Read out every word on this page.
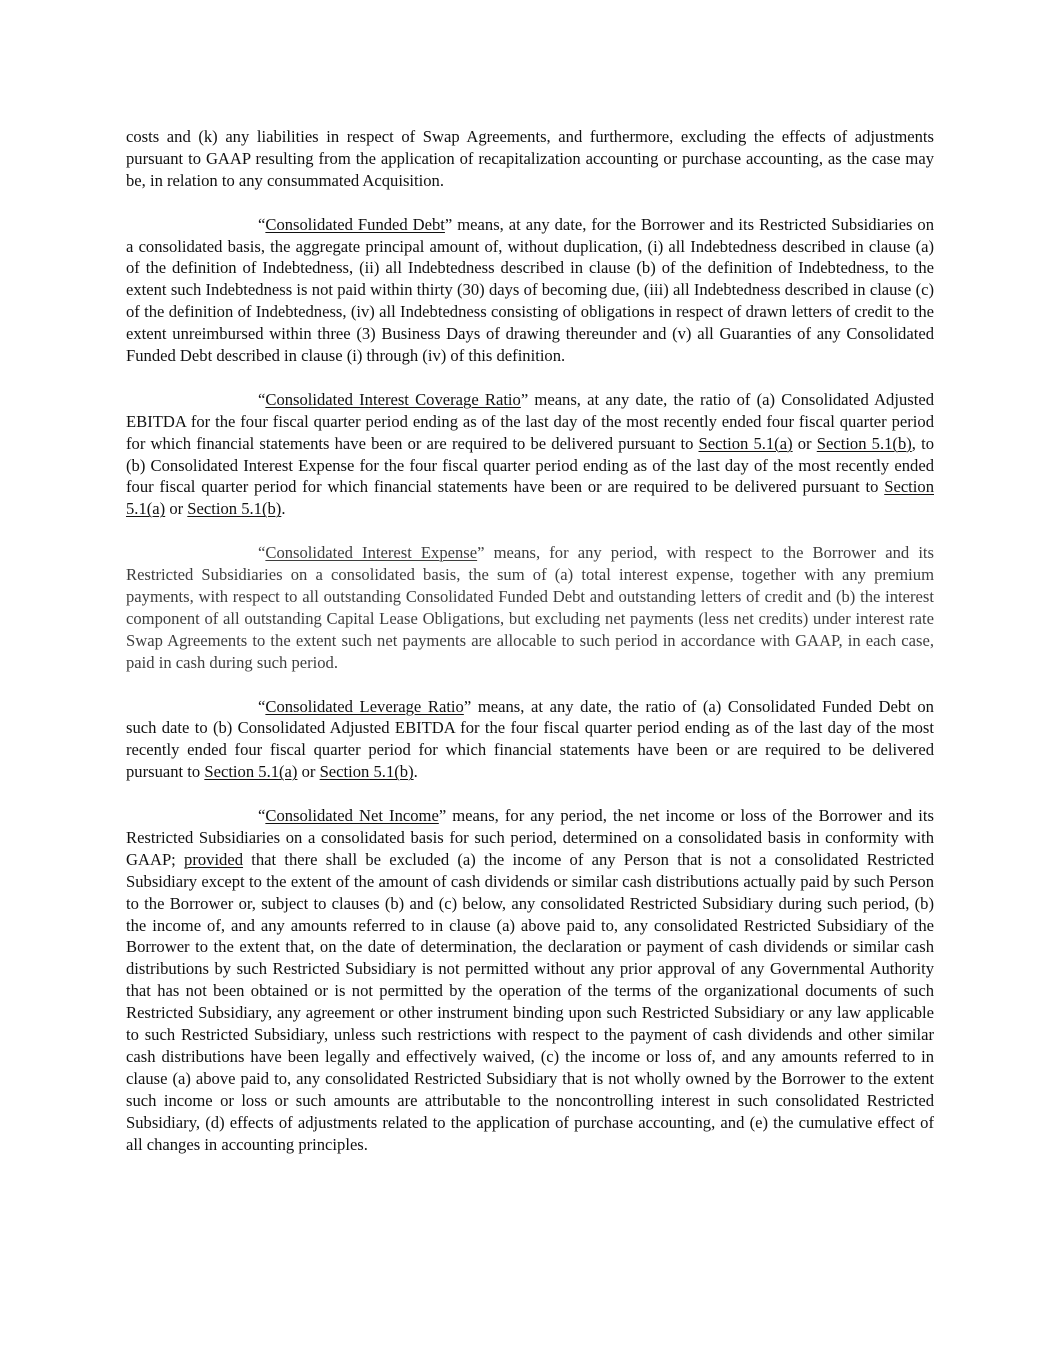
costs and (k) any liabilities in respect of Swap Agreements, and furthermore, excluding the effects of adjustments pursuant to GAAP resulting from the application of recapitalization accounting or purchase accounting, as the case may be, in relation to any consummated Acquisition.

“Consolidated Funded Debt” means, at any date, for the Borrower and its Restricted Subsidiaries on a consolidated basis, the aggregate principal amount of, without duplication, (i) all Indebtedness described in clause (a) of the definition of Indebtedness, (ii) all Indebtedness described in clause (b) of the definition of Indebtedness, to the extent such Indebtedness is not paid within thirty (30) days of becoming due, (iii) all Indebtedness described in clause (c) of the definition of Indebtedness, (iv) all Indebtedness consisting of obligations in respect of drawn letters of credit to the extent unreimbursed within three (3) Business Days of drawing thereunder and (v) all Guaranties of any Consolidated Funded Debt described in clause (i) through (iv) of this definition.

“Consolidated Interest Coverage Ratio” means, at any date, the ratio of (a) Consolidated Adjusted EBITDA for the four fiscal quarter period ending as of the last day of the most recently ended four fiscal quarter period for which financial statements have been or are required to be delivered pursuant to Section 5.1(a) or Section 5.1(b), to (b) Consolidated Interest Expense for the four fiscal quarter period ending as of the last day of the most recently ended four fiscal quarter period for which financial statements have been or are required to be delivered pursuant to Section 5.1(a) or Section 5.1(b).

“Consolidated Interest Expense” means, for any period, with respect to the Borrower and its Restricted Subsidiaries on a consolidated basis, the sum of (a) total interest expense, together with any premium payments, with respect to all outstanding Consolidated Funded Debt and outstanding letters of credit and (b) the interest component of all outstanding Capital Lease Obligations, but excluding net payments (less net credits) under interest rate Swap Agreements to the extent such net payments are allocable to such period in accordance with GAAP, in each case, paid in cash during such period.

“Consolidated Leverage Ratio” means, at any date, the ratio of (a) Consolidated Funded Debt on such date to (b) Consolidated Adjusted EBITDA for the four fiscal quarter period ending as of the last day of the most recently ended four fiscal quarter period for which financial statements have been or are required to be delivered pursuant to Section 5.1(a) or Section 5.1(b).

“Consolidated Net Income” means, for any period, the net income or loss of the Borrower and its Restricted Subsidiaries on a consolidated basis for such period, determined on a consolidated basis in conformity with GAAP; provided that there shall be excluded (a) the income of any Person that is not a consolidated Restricted Subsidiary except to the extent of the amount of cash dividends or similar cash distributions actually paid by such Person to the Borrower or, subject to clauses (b) and (c) below, any consolidated Restricted Subsidiary during such period, (b) the income of, and any amounts referred to in clause (a) above paid to, any consolidated Restricted Subsidiary of the Borrower to the extent that, on the date of determination, the declaration or payment of cash dividends or similar cash distributions by such Restricted Subsidiary is not permitted without any prior approval of any Governmental Authority that has not been obtained or is not permitted by the operation of the terms of the organizational documents of such Restricted Subsidiary, any agreement or other instrument binding upon such Restricted Subsidiary or any law applicable to such Restricted Subsidiary, unless such restrictions with respect to the payment of cash dividends and other similar cash distributions have been legally and effectively waived, (c) the income or loss of, and any amounts referred to in clause (a) above paid to, any consolidated Restricted Subsidiary that is not wholly owned by the Borrower to the extent such income or loss or such amounts are attributable to the noncontrolling interest in such consolidated Restricted Subsidiary, (d) effects of adjustments related to the application of purchase accounting, and (e) the cumulative effect of all changes in accounting principles.
